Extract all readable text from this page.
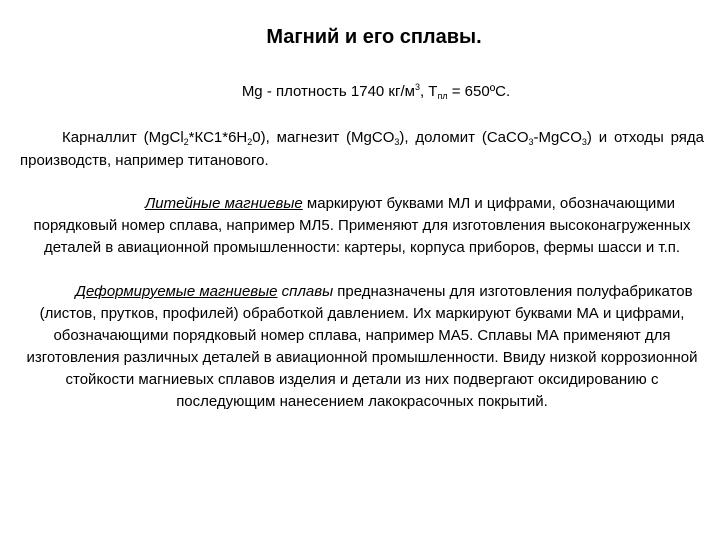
Магний и его сплавы.
Mg - плотность 1740 $кг/м^3$, $Т_{пл}$ = 650ºС.
Карналлит $(MgCl_2*КС1*6Н_20)$, магнезит (MgCO$_3$), доломит (CaCO$_3$-MgCO$_3$) и отходы ряда производств, например титанового.
Литейные магниевые маркируют буквами МЛ и цифрами, обозначающими порядковый номер сплава, например МЛ5. Применяют для изготовления высоконагруженных деталей в авиационной промышленности: картеры, корпуса приборов, фермы шасси и т.п.
Деформируемые магниевые сплавы предназначены для изготовления полуфабрикатов (листов, прутков, профилей) обработкой давлением. Их маркируют буквами МА и цифрами, обозначающими порядковый номер сплава, например МА5. Сплавы МА применяют для изготовления различных деталей в авиационной промышленности. Ввиду низкой коррозионной стойкости магниевых сплавов изделия и детали из них подвергают оксидированию с последующим нанесением лакокрасочных покрытий.
